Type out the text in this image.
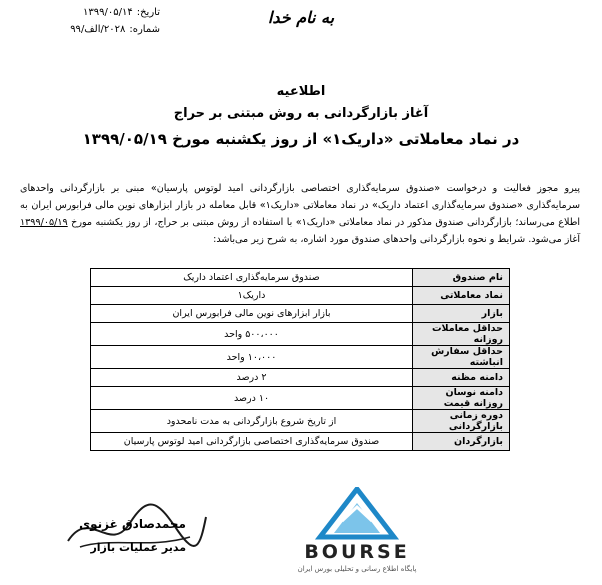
به نام خدا
تاریخ:
۱۳۹۹/۰۵/۱۴
شماره:
۲۰۲۸/الف/۹۹
اطلاعیه
آغاز بازارگردانی به روش مبتنی بر حراج
در نماد معاملاتی «داریک۱» از روز یکشنبه مورخ ۱۳۹۹/۰۵/۱۹
پیرو مجوز فعالیت و درخواست «صندوق سرمایه‌گذاری اختصاصی بازارگردانی امید لوتوس پارسیان» مبنی بر بازارگردانی واحدهای سرمایه‌گذاری «صندوق سرمایه‌گذاری اعتماد داریک» در نماد معاملاتی «داریک۱» قابل معامله در بازار ابزارهای نوین مالی فرابورس ایران به اطلاع می‌رساند؛ بازارگردانی صندوق مذکور در نماد معاملاتی «داریک۱» با استفاده از روش مبتنی بر حراج، از روز یکشنبه مورخ ۱۳۹۹/۰۵/۱۹ آغاز می‌شود. شرایط و نحوه بازارگردانی واحدهای صندوق مورد اشاره، به شرح زیر می‌باشد:
نام صندوق	صندوق سرمایه‌گذاری اعتماد داریک
نماد معاملاتی	داریک۱
بازار	بازار ابزارهای نوین مالی فرابورس ایران
حداقل معاملات روزانه	۵۰۰،۰۰۰ واحد
حداقل سفارش انباشته	۱۰،۰۰۰ واحد
دامنه مظنه	۲ درصد
دامنه نوسان روزانه قیمت	۱۰ درصد
دوره زمانی بازارگردانی	از تاریخ شروع بازارگردانی به مدت نامحدود
بازارگردان	صندوق سرمایه‌گذاری اختصاصی بازارگردانی امید لوتوس پارسیان
محمدصادق غزنوی
مدیر عملیات بازار	BOURSE
پایگاه اطلاع رسانی و تحلیلی بورس ایران
